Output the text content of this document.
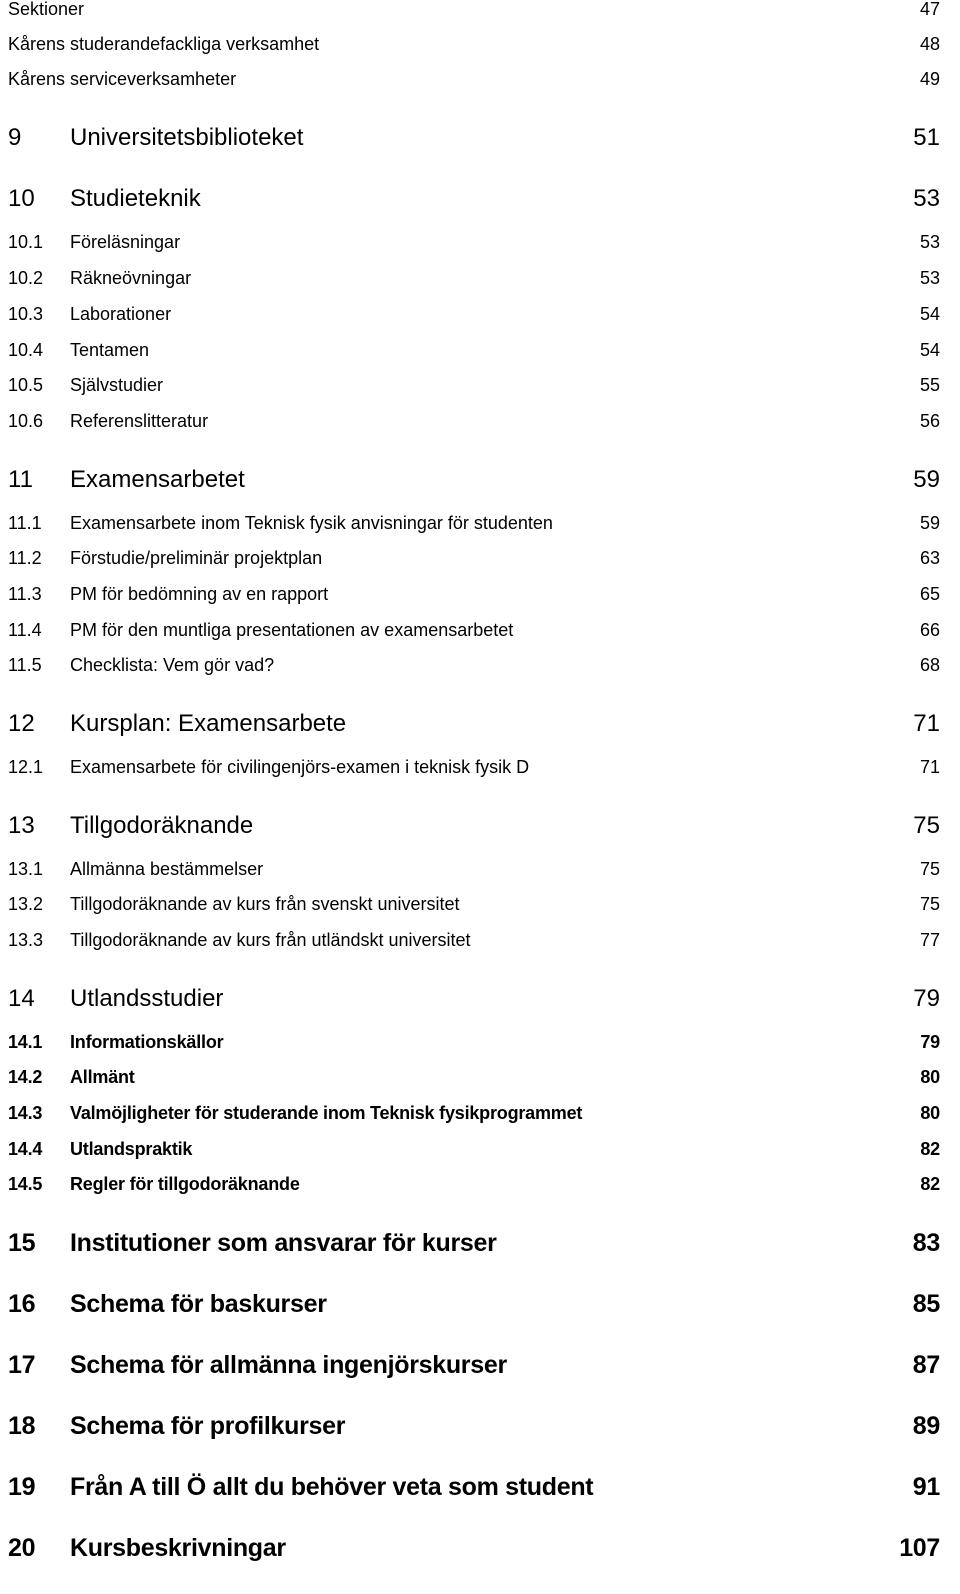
Sektioner	47
Kårens studerandefackliga verksamhet	48
Kårens serviceverksamheter	49
9 Universitetsbiblioteket	51
10 Studieteknik	53
10.1 Föreläsningar	53
10.2 Räkneövningar	53
10.3 Laborationer	54
10.4 Tentamen	54
10.5 Självstudier	55
10.6 Referenslitteratur	56
11 Examensarbetet	59
11.1 Examensarbete inom Teknisk fysik anvisningar för studenten	59
11.2 Förstudie/preliminär projektplan	63
11.3 PM för bedömning av en rapport	65
11.4 PM för den muntliga presentationen av examensarbetet	66
11.5 Checklista: Vem gör vad?	68
12 Kursplan: Examensarbete	71
12.1 Examensarbete för civilingenjörs-examen i teknisk fysik D	71
13 Tillgodoräknande	75
13.1 Allmänna bestämmelser	75
13.2 Tillgodoräknande av kurs från svenskt universitet	75
13.3 Tillgodoräknande av kurs från utländskt universitet	77
14 Utlandsstudier	79
14.1 Informationskällor	79
14.2 Allmänt	80
14.3 Valmöjligheter för studerande inom Teknisk fysikprogrammet	80
14.4 Utlandspraktik	82
14.5 Regler för tillgodoräknande	82
15 Institutioner som ansvarar för kurser	83
16 Schema för baskurser	85
17 Schema för allmänna ingenjörskurser	87
18 Schema för profilkurser	89
19 Från A till Ö allt du behöver veta som student	91
20 Kursbeskrivningar	107
